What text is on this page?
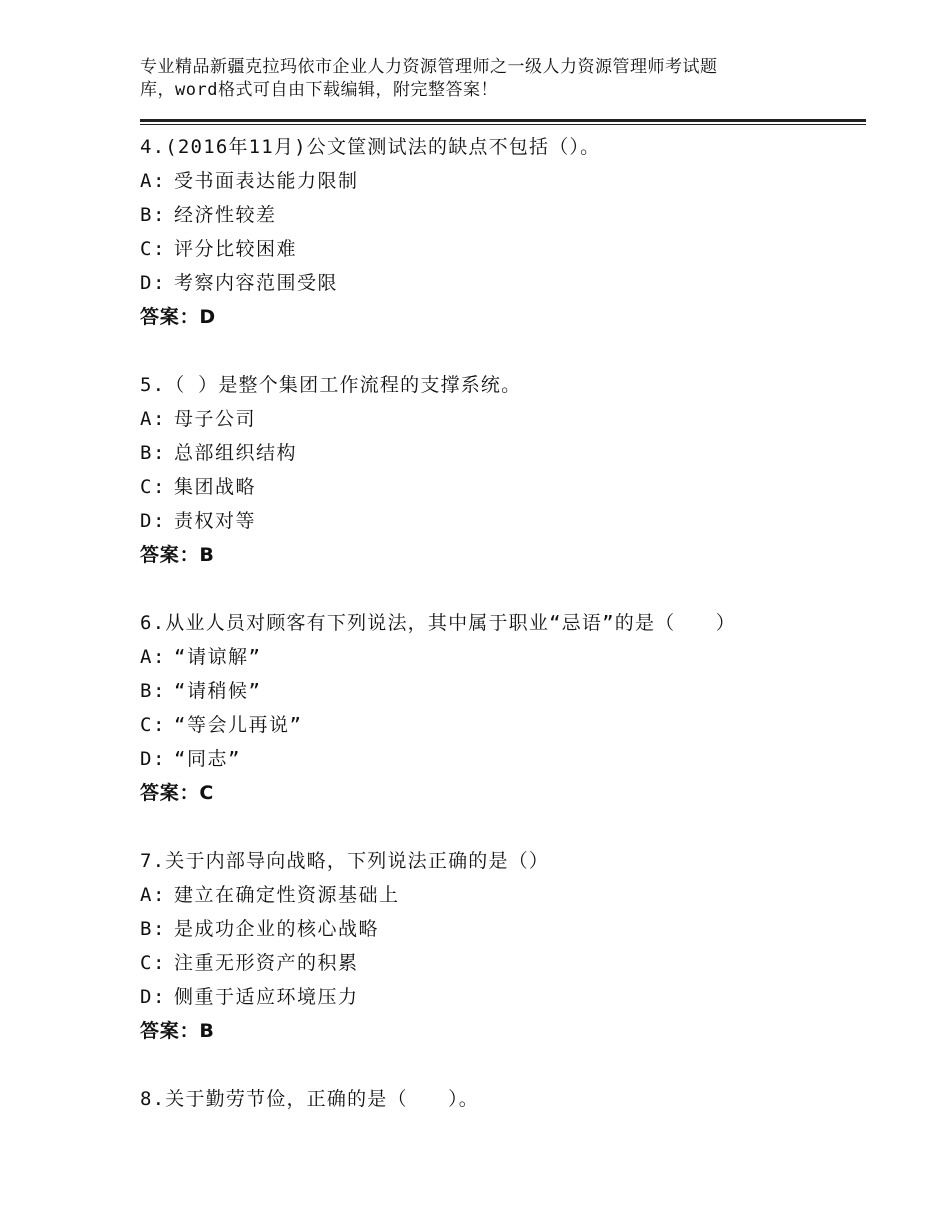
专业精品新疆克拉玛依市企业人力资源管理师之一级人力资源管理师考试题
库，word格式可自由下载编辑，附完整答案！
4.(2016年11月)公文筐测试法的缺点不包括（）。
A: 受书面表达能力限制
B: 经济性较差
C: 评分比较困难
D: 考察内容范围受限
答案：D
5.（ ）是整个集团工作流程的支撑系统。
A: 母子公司
B: 总部组织结构
C: 集团战略
D: 责权对等
答案：B
6.从业人员对顾客有下列说法，其中属于职业“忌语”的是（　　）
A: “请谅解”
B: “请稍候”
C: “等会儿再说”
D: “同志”
答案：C
7.关于内部导向战略，下列说法正确的是（）
A: 建立在确定性资源基础上
B: 是成功企业的核心战略
C: 注重无形资产的积累
D: 侧重于适应环境压力
答案：B
8.关于勤劳节俭，正确的是（　　）。
